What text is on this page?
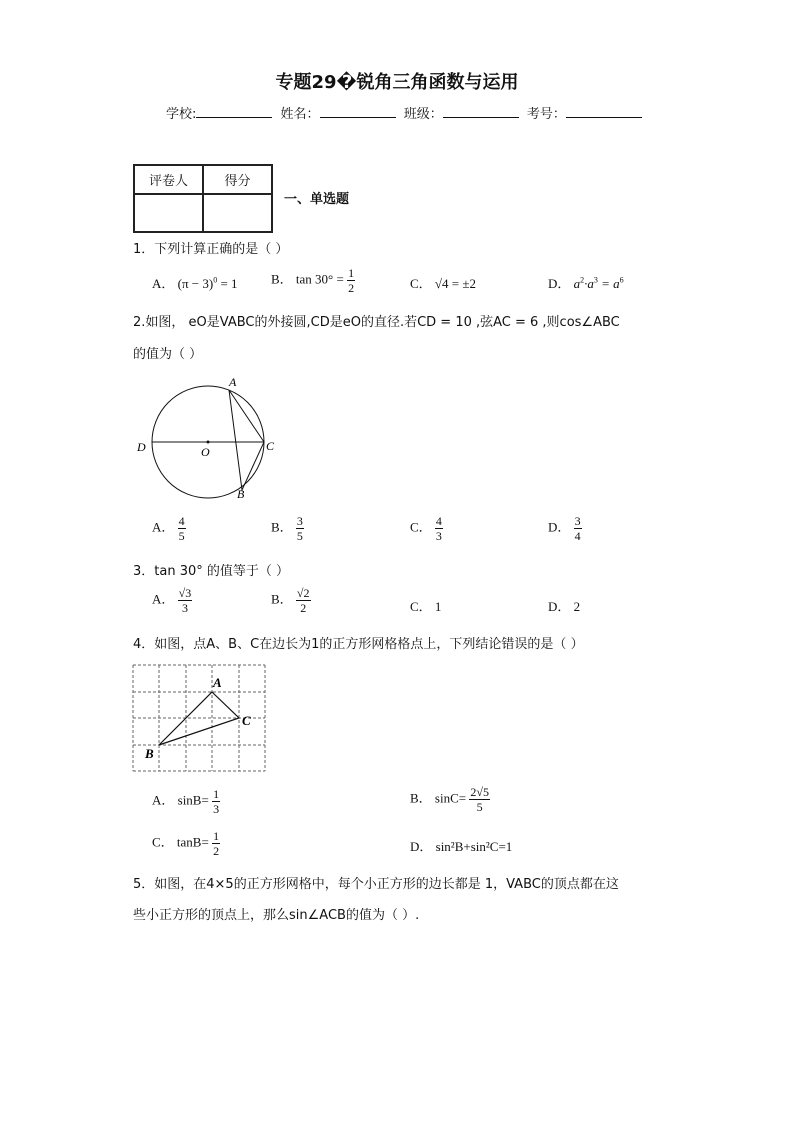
专题29�锐角三角函数与运用
学校:	姓名：	班级：	考号：
评卷人	得分

一、单选题
1．下列计算正确的是（ ）
A． $(\pi - 3)^0 = 1$	B． $\tan 30^\circ = \frac{1}{2}$	C． √4 = ±2	D． $a^2\cdot a^3 = a^6$
2.如图， eO是VABC的外接圆,CD是eO的直径.若CD = 10 ,弦AC = 6 ,则cos∠ABC
的值为（ ）
A
B
C
D	O
A． $\frac{4}{5}$	B． $\frac{3}{5}$	C． $\frac{4}{3}$	D． $\frac{3}{4}$
3．tan 30° 的值等于（ ）
A． $\frac{√3}{3}$	B． $\frac{√2}{2}$	C． 1	D． 2
4．如图，点A、B、C在边长为1的正方形网格格点上，下列结论错误的是（ ）
A
C
B
A． $\sin B= \frac{1}{3}$	B． $\sin C= \frac{2√5}{5}$
C． $\tan B= \frac{1}{2}$	D． sin²B+sin²C=1
5．如图，在4×5的正方形网格中，每个小正方形的边长都是 1，VABC的顶点都在这
些小正方形的顶点上，那么sin∠ACB的值为（ ）.
